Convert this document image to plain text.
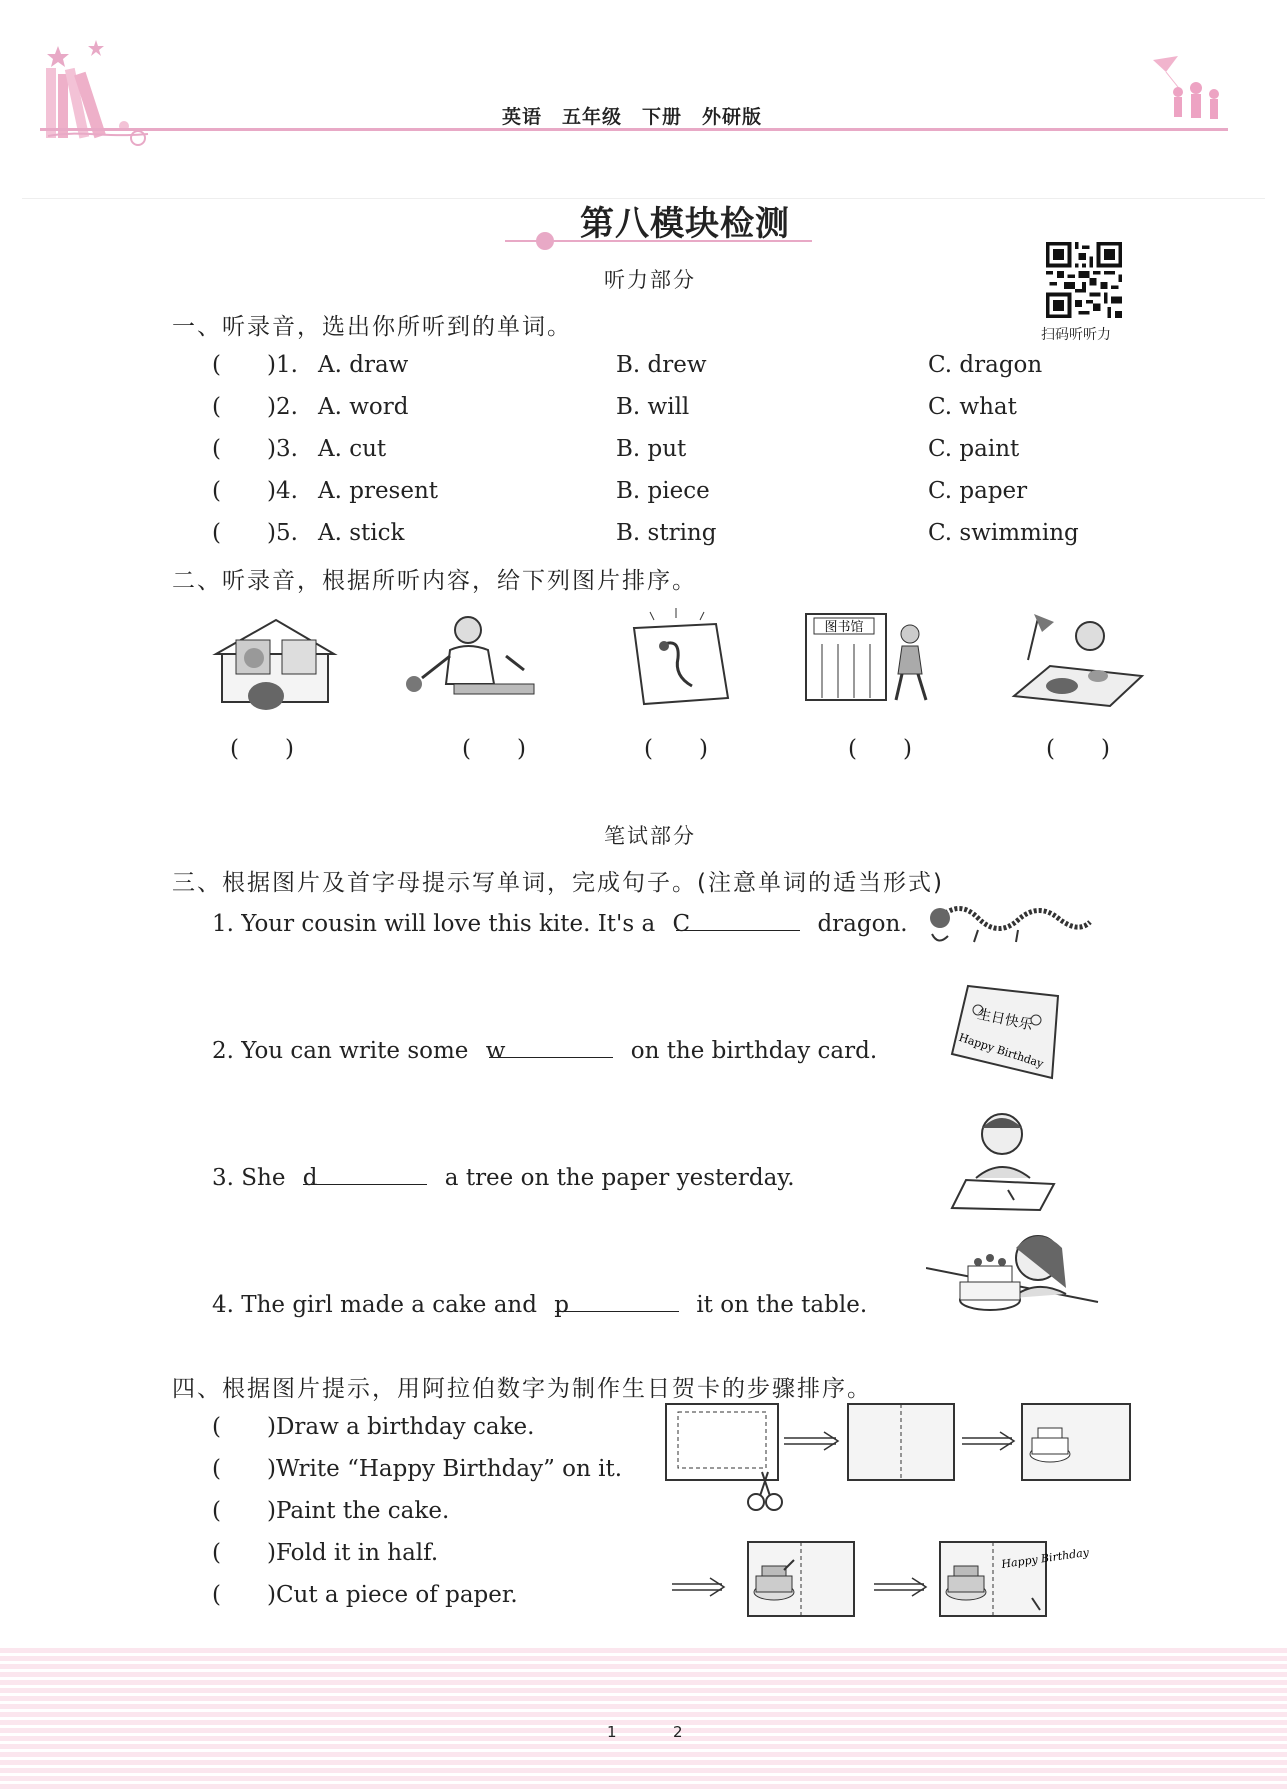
英语　五年级　下册　外研版
第八模块检测
扫码听听力
听力部分
一、听录音，选出你所听到的单词。
(　　)1. A. draw	B. drew	C. dragon
(　　)2. A. word	B. will	C. what
(　　)3. A. cut	B. put	C. paint
(　　)4. A. present	B. piece	C. paper
(　　)5. A. stick	B. string	C. swimming
二、听录音，根据所听内容，给下列图片排序。
图书馆
(　　)	(　　)	(　　)	(　　)	(　　)
笔试部分
三、根据图片及首字母提示写单词，完成句子。(注意单词的适当形式)
1. Your cousin will love this kite. It's a C	dragon.
2. You can write some w	on the birthday card.
生日快乐
Happy Birthday
3. She d	a tree on the paper yesterday.
4. The girl made a cake and p	it on the table.
四、根据图片提示，用阿拉伯数字为制作生日贺卡的步骤排序。
(　　)Draw a birthday cake.
(　　)Write “Happy Birthday” on it.
(　　)Paint the cake.
(　　)Fold it in half.
(　　)Cut a piece of paper.
Happy Birthday
1	2
